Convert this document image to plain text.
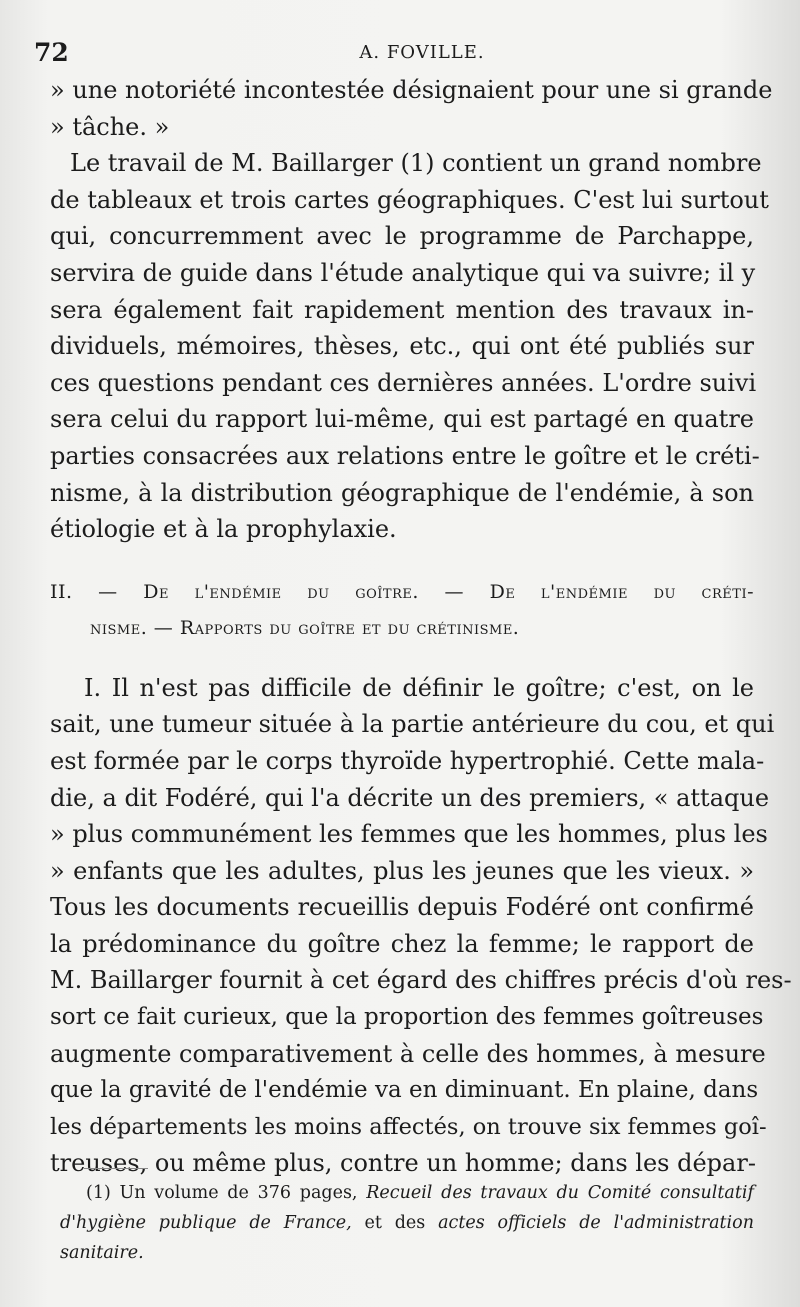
72	A. FOVILLE.

» une notoriété incontestée désignaient pour une si grande

» tâche. »

Le travail de M. Baillarger (1) contient un grand nombre

de tableaux et trois cartes géographiques. C'est lui surtout

qui, concurremment avec le programme de Parchappe,

servira de guide dans l'étude analytique qui va suivre; il y

sera également fait rapidement mention des travaux in-

dividuels, mémoires, thèses, etc., qui ont été publiés sur

ces questions pendant ces dernières années. L'ordre suivi

sera celui du rapport lui-même, qui est partagé en quatre

parties consacrées aux relations entre le goître et le créti-

nisme, à la distribution géographique de l'endémie, à son

étiologie et à la prophylaxie.

II. — De l'endémie du goître. — De l'endémie du créti-

nisme. — Rapports du goître et du crétinisme.

I. Il n'est pas difficile de définir le goître; c'est, on le

sait, une tumeur située à la partie antérieure du cou, et qui

est formée par le corps thyroïde hypertrophié. Cette mala-

die, a dit Fodéré, qui l'a décrite un des premiers, « attaque

» plus communément les femmes que les hommes, plus les

» enfants que les adultes, plus les jeunes que les vieux. »

Tous les documents recueillis depuis Fodéré ont confirmé

la prédominance du goître chez la femme; le rapport de

M. Baillarger fournit à cet égard des chiffres précis d'où res-

sort ce fait curieux, que la proportion des femmes goîtreuses

augmente comparativement à celle des hommes, à mesure

que la gravité de l'endémie va en diminuant. En plaine, dans

les départements les moins affectés, on trouve six femmes goî-

treuses, ou même plus, contre un homme; dans les dépar-

(1) Un volume de 376 pages, Recueil des travaux du Comité consultatif

d'hygiène publique de France, et des actes officiels de l'administration

sanitaire.
